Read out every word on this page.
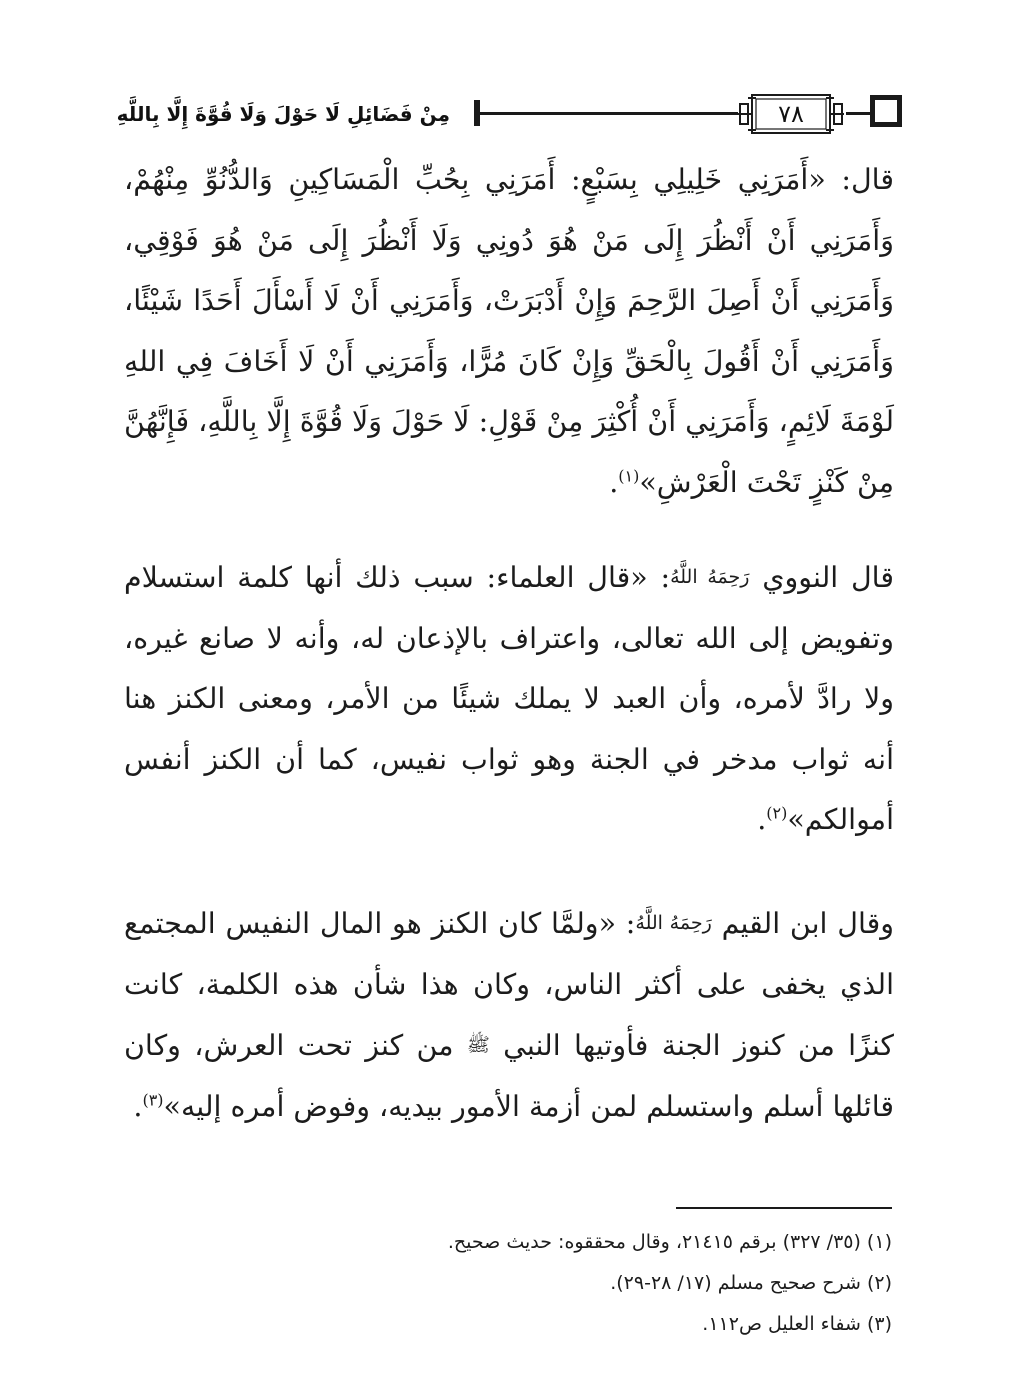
مِنْ فَضَائِلِ لَا حَوْلَ وَلَا قُوَّةَ إِلَّا بِاللَّهِ	٧٨
قال: «أَمَرَنِي خَلِيلِي بِسَبْعٍ: أَمَرَنِي بِحُبِّ الْمَسَاكِينِ وَالدُّنُوِّ مِنْهُمْ، وَأَمَرَنِي أَنْ أَنْظُرَ إِلَى مَنْ هُوَ دُونِي وَلَا أَنْظُرَ إِلَى مَنْ هُوَ فَوْقِي، وَأَمَرَنِي أَنْ أَصِلَ الرَّحِمَ وَإِنْ أَدْبَرَتْ، وَأَمَرَنِي أَنْ لَا أَسْأَلَ أَحَدًا شَيْئًا، وَأَمَرَنِي أَنْ أَقُولَ بِالْحَقِّ وَإِنْ كَانَ مُرًّا، وَأَمَرَنِي أَنْ لَا أَخَافَ فِي اللهِ لَوْمَةَ لَائِمٍ، وَأَمَرَنِي أَنْ أُكْثِرَ مِنْ قَوْلِ: لَا حَوْلَ وَلَا قُوَّةَ إِلَّا بِاللَّهِ، فَإِنَّهُنَّ مِنْ كَنْزٍ تَحْتَ الْعَرْشِ»$^{(١)}$.
قال النووي رَحِمَهُ اللَّهُ: «قال العلماء: سبب ذلك أنها كلمة استسلام وتفويض إلى الله تعالى، واعتراف بالإذعان له، وأنه لا صانع غيره، ولا رادَّ لأمره، وأن العبد لا يملك شيئًا من الأمر، ومعنى الكنز هنا أنه ثواب مدخر في الجنة وهو ثواب نفيس، كما أن الكنز أنفس أموالكم»$^{(٢)}$.
وقال ابن القيم رَحِمَهُ اللَّهُ: «ولمَّا كان الكنز هو المال النفيس المجتمع الذي يخفى على أكثر الناس، وكان هذا شأن هذه الكلمة، كانت كنزًا من كنوز الجنة فأوتيها النبي ﷺ من كنز تحت العرش، وكان قائلها أسلم واستسلم لمن أزمة الأمور بيديه، وفوض أمره إليه»$^{(٣)}$.
(١) (٣٥/ ٣٢٧) برقم ٢١٤١٥، وقال محققوه: حديث صحيح.
(٢) شرح صحيح مسلم (١٧/ ٢٨-٢٩).
(٣) شفاء العليل ص١١٢.
